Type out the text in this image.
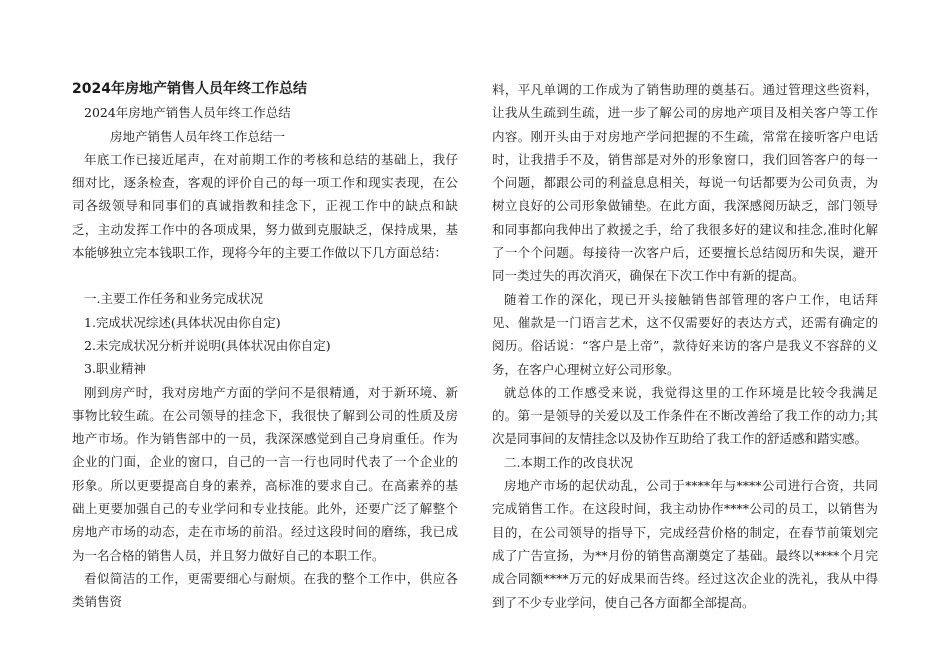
2024年房地产销售人员年终工作总结

2024年房地产销售人员年终工作总结

房地产销售人员年终工作总结一

年底工作已接近尾声，在对前期工作的考核和总结的基础上，我仔细对比，逐条检查，客观的评价自己的每一项工作和现实表现，在公司各级领导和同事们的真诚指教和挂念下，正视工作中的缺点和缺乏，主动发挥工作中的各项成果，努力做到克服缺乏，保持成果，基本能够独立完本钱职工作，现将今年的主要工作做以下几方面总结：

一.主要工作任务和业务完成状况

1.完成状况综述(具体状况由你自定)

2.未完成状况分析并说明(具体状况由你自定)

3.职业精神

刚到房产时，我对房地产方面的学问不是很精通，对于新环境、新事物比较生疏。在公司领导的挂念下，我很快了解到公司的性质及房地产市场。作为销售部中的一员，我深深感觉到自己身肩重任。作为企业的门面，企业的窗口，自己的一言一行也同时代表了一个企业的形象。所以更要提高自身的素养，高标准的要求自己。在高素养的基础上更要加强自己的专业学问和专业技能。此外，还要广泛了解整个房地产市场的动态，走在市场的前沿。经过这段时间的磨练，我已成为一名合格的销售人员，并且努力做好自己的本职工作。

看似简洁的工作，更需要细心与耐烦。在我的整个工作中，供应各类销售资

料，平凡单调的工作成为了销售助理的奠基石。通过管理这些资料，让我从生疏到生疏，进一步了解公司的房地产项目及相关客户等工作内容。刚开头由于对房地产学问把握的不生疏，常常在接听客户电话时，让我措手不及，销售部是对外的形象窗口，我们回答客户的每一个问题，都跟公司的利益息息相关，每说一句话都要为公司负责，为树立良好的公司形象做铺垫。在此方面，我深感阅历缺乏，部门领导和同事都向我伸出了救援之手，给了我很多好的建议和挂念,准时化解了一个个问题。每接待一次客户后，还要擅长总结阅历和失误，避开同一类过失的再次消灭，确保在下次工作中有新的提高。

随着工作的深化，现已开头接触销售部管理的客户工作，电话拜见、催款是一门语言艺术，这不仅需要好的表达方式，还需有确定的阅历。俗话说：“客户是上帝”，款待好来访的客户是我义不容辞的义务，在客户心理树立好公司形象。

就总体的工作感受来说，我觉得这里的工作环境是比较令我满足的。第一是领导的关爱以及工作条件在不断改善给了我工作的动力;其次是同事间的友情挂念以及协作互助给了我工作的舒适感和踏实感。

二.本期工作的改良状况

房地产市场的起伏动乱，公司于****年与****公司进行合资，共同完成销售工作。在这段时间，我主动协作****公司的员工，以销售为目的，在公司领导的指导下，完成经营价格的制定，在春节前策划完成了广告宣扬，为**月份的销售高潮奠定了基础。最终以****个月完成合同额****万元的好成果而告终。经过这次企业的洗礼，我从中得到了不少专业学问，使自己各方面都全部提高。
